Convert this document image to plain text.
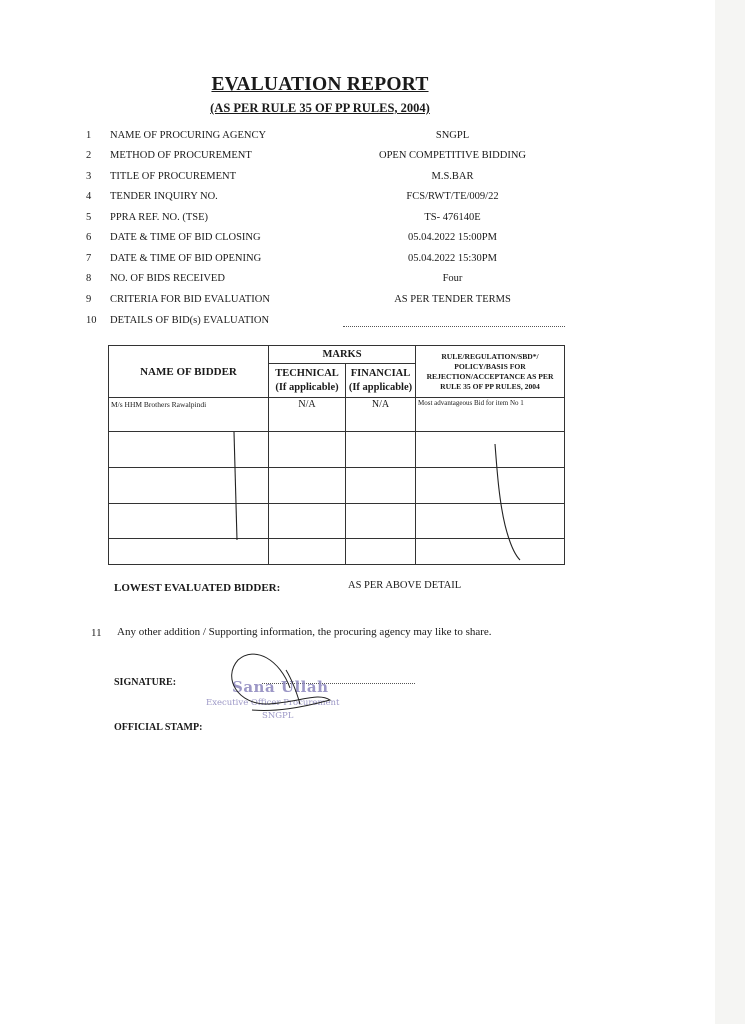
EVALUATION REPORT
(AS PER RULE 35 OF PP RULES, 2004)
1	NAME OF PROCURING AGENCY	SNGPL
2	METHOD OF PROCUREMENT	OPEN COMPETITIVE BIDDING
3	TITLE OF PROCUREMENT	M.S.BAR
4	TENDER INQUIRY NO.	FCS/RWT/TE/009/22
5	PPRA REF. NO. (TSE)	TS- 476140E
6	DATE & TIME OF BID CLOSING	05.04.2022 15:00PM
7	DATE & TIME OF BID OPENING	05.04.2022 15:30PM
8	NO. OF BIDS RECEIVED	Four
9	CRITERIA FOR BID EVALUATION	AS PER TENDER TERMS
10	DETAILS OF BID(s) EVALUATION
NAME OF BIDDER	MARKS		RULE/REGULATION/SBD*/ POLICY/BASIS FOR REJECTION/ACCEPTANCE AS PER RULE 35 OF PP RULES, 2004
	TECHNICAL (If applicable)	FINANCIAL (If applicable)	
M/s HHM Brothers Rawalpindi	N/A	N/A	Most advantageous Bid for item No 1

LOWEST EVALUATED BIDDER:	AS PER ABOVE DETAIL
11 Any other addition / Supporting information, the procuring agency may like to share.
SIGNATURE:	Sana Ullah
Executive Officer Procurement
SNGPL
OFFICIAL STAMP:
